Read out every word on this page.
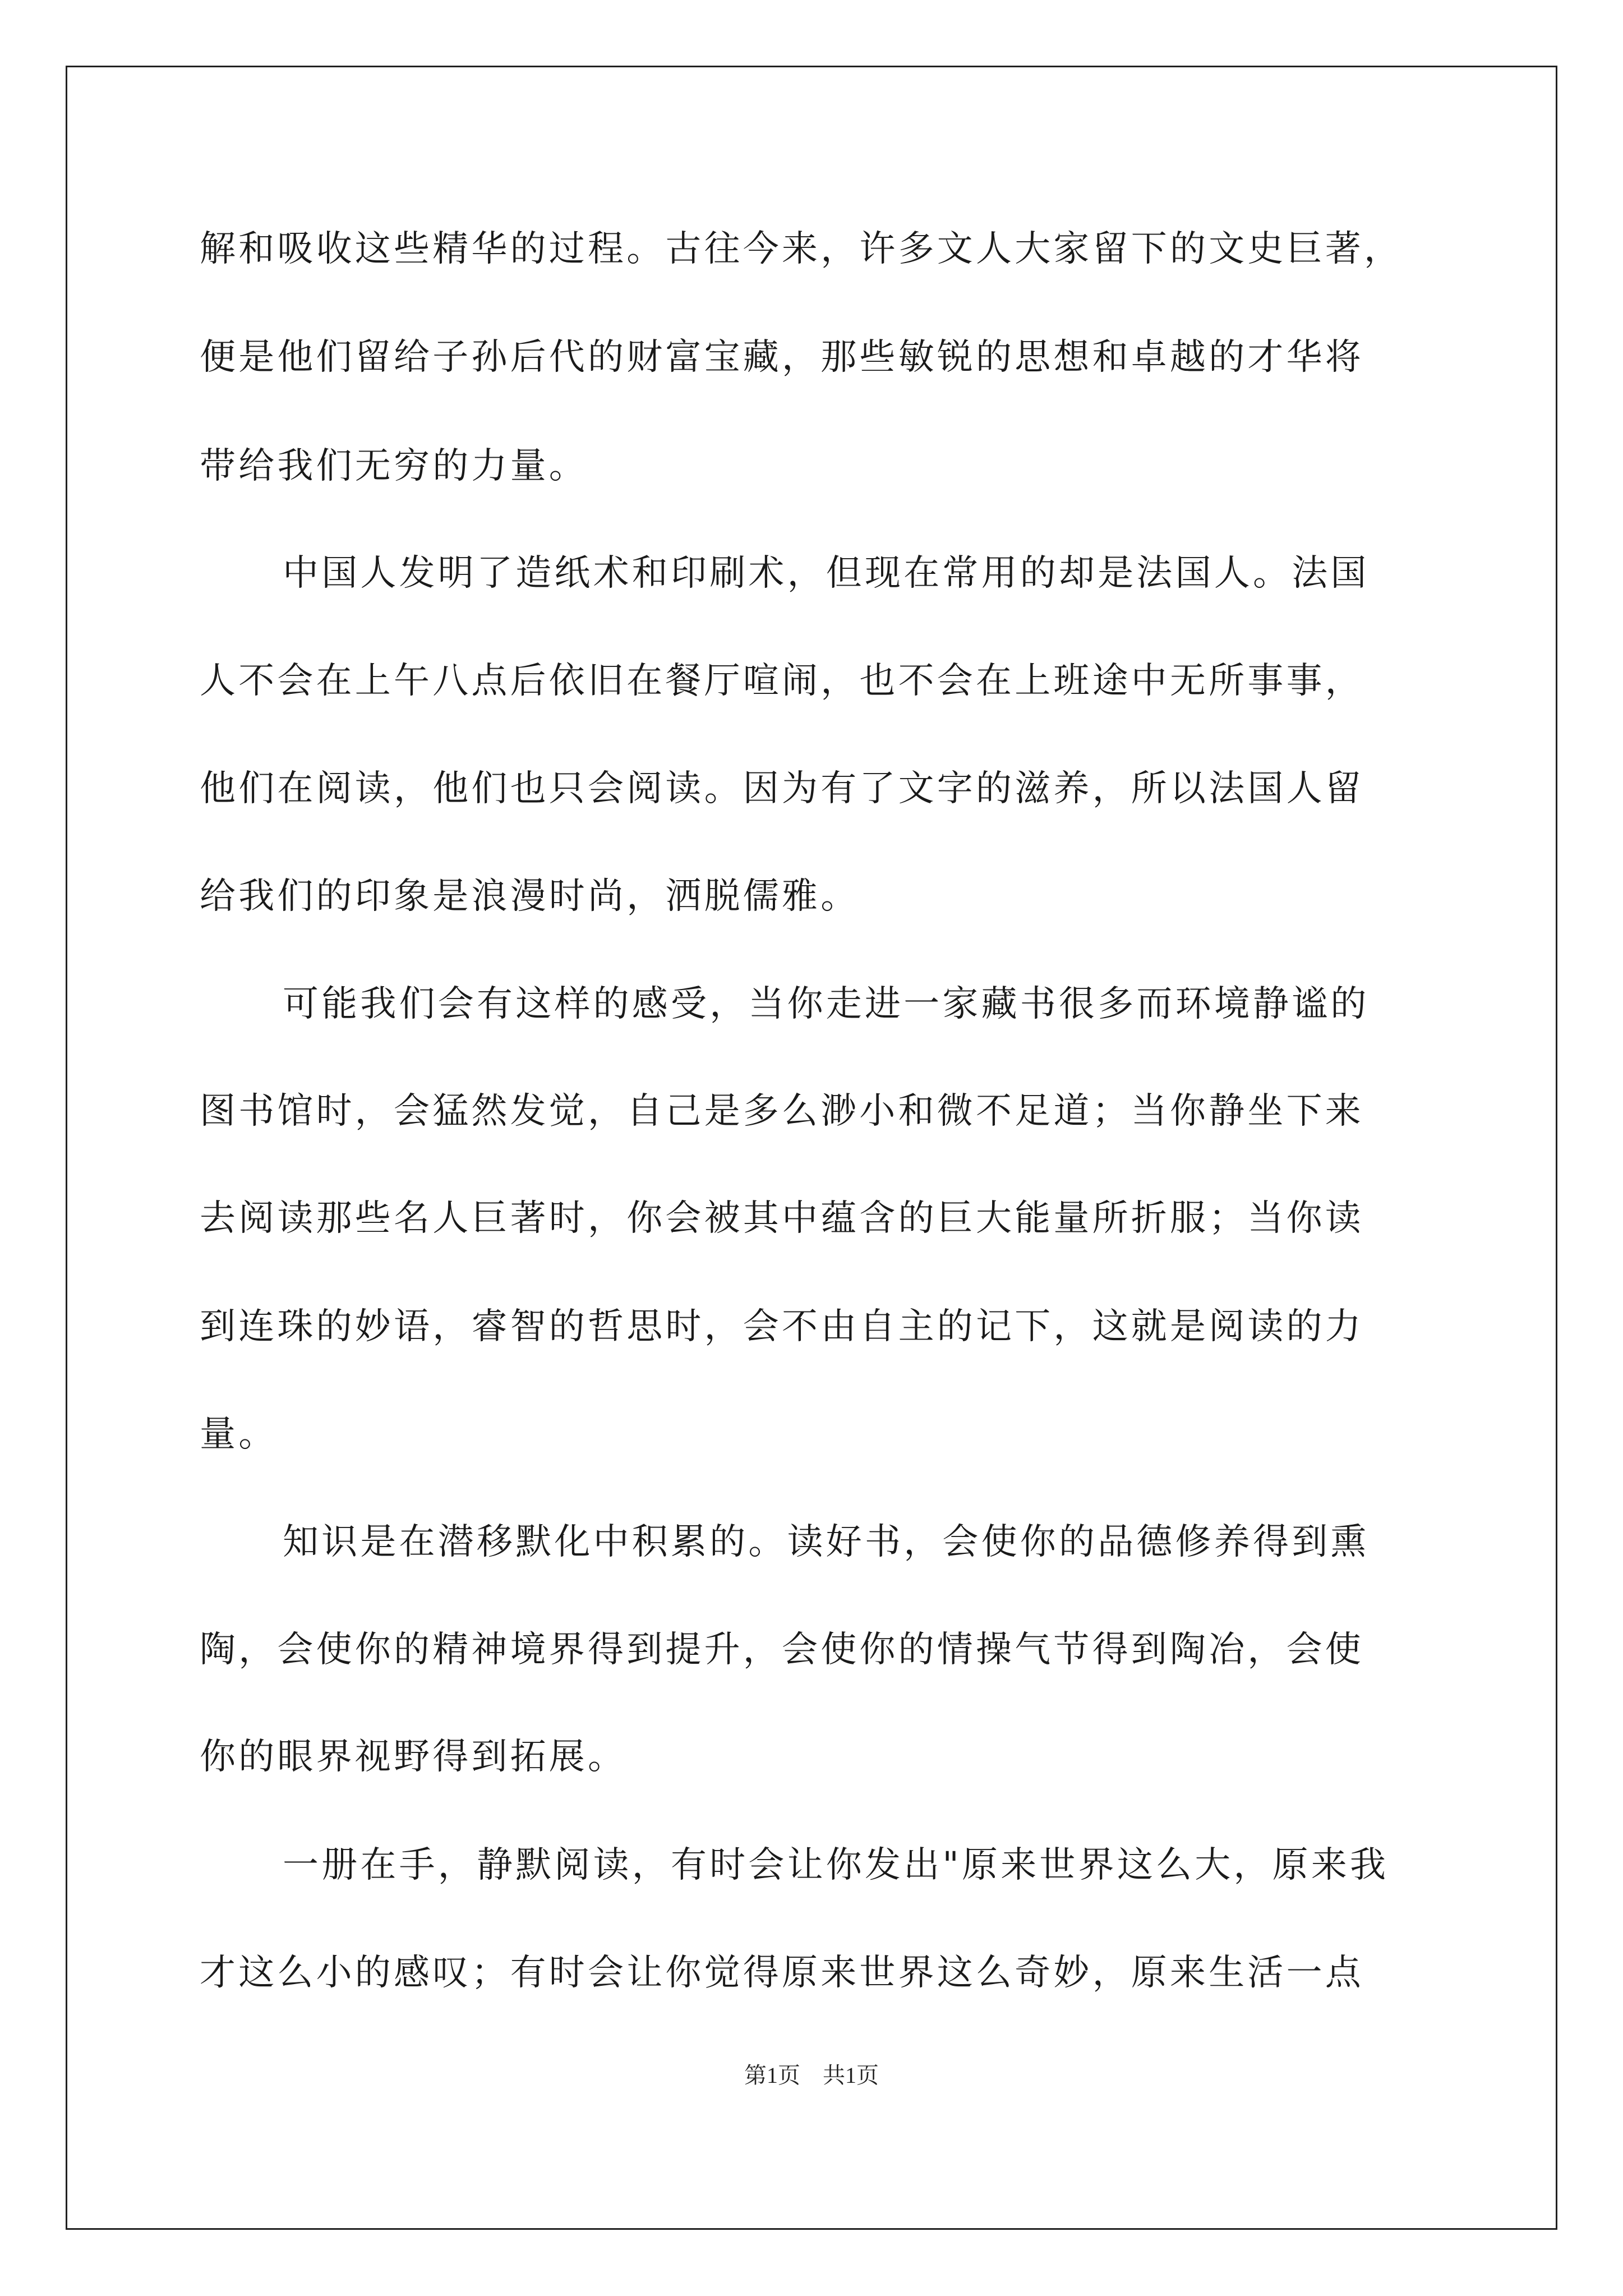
解和吸收这些精华的过程。古往今来，许多文人大家留下的文史巨著，
便是他们留给子孙后代的财富宝藏，那些敏锐的思想和卓越的才华将
带给我们无穷的力量。
中国人发明了造纸术和印刷术，但现在常用的却是法国人。法国
人不会在上午八点后依旧在餐厅喧闹，也不会在上班途中无所事事，
他们在阅读，他们也只会阅读。因为有了文字的滋养，所以法国人留
给我们的印象是浪漫时尚，洒脱儒雅。
可能我们会有这样的感受，当你走进一家藏书很多而环境静谧的
图书馆时，会猛然发觉，自己是多么渺小和微不足道；当你静坐下来
去阅读那些名人巨著时，你会被其中蕴含的巨大能量所折服；当你读
到连珠的妙语，睿智的哲思时，会不由自主的记下，这就是阅读的力
量。
知识是在潜移默化中积累的。读好书，会使你的品德修养得到熏
陶，会使你的精神境界得到提升，会使你的情操气节得到陶冶，会使
你的眼界视野得到拓展。
一册在手，静默阅读，有时会让你发出"原来世界这么大，原来我
才这么小的感叹；有时会让你觉得原来世界这么奇妙，原来生活一点
第1页　共1页
